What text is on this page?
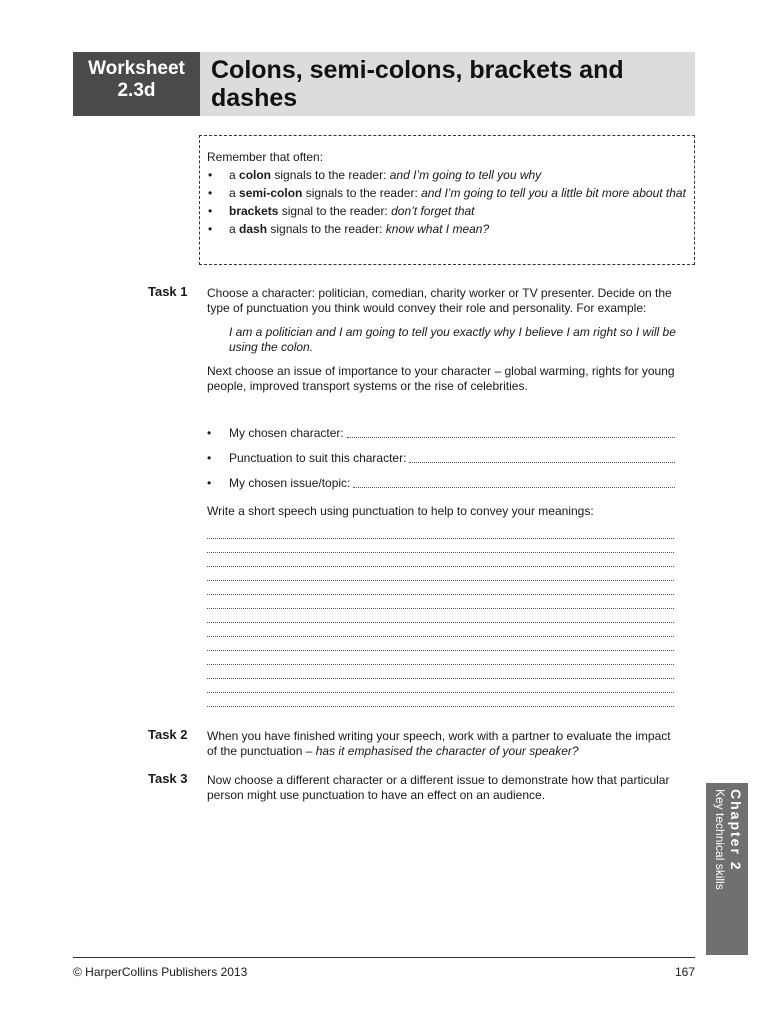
Worksheet
2.3d
Colons, semi-colons, brackets and
dashes

Remember that often:

• a colon signals to the reader: and I’m going to tell you why
• a semi-colon signals to the reader: and I’m going to tell you a little bit more about that
• brackets signal to the reader: don’t forget that
• a dash signals to the reader: know what I mean?
Task 1 Choose a character: politician, comedian, charity worker or TV presenter. Decide on the type of punctuation you think would convey their role and personality. For example:

I am a politician and I am going to tell you exactly why I believe I am right so I will be using the colon.

Next choose an issue of importance to your character – global warming, rights for young people, improved transport systems or the rise of celebrities.

•	My chosen character:
•	Punctuation to suit this character:
•	My chosen issue/topic:
Write a short speech using punctuation to help to convey your meanings:
Task 2 When you have finished writing your speech, work with a partner to evaluate the impact of the punctuation – has it emphasised the character of your speaker?
Task 3 Now choose a different character or a different issue to demonstrate how that particular person might use punctuation to have an effect on an audience.	Chapter 2
Key technical skills
© HarperCollins Publishers 2013	167
